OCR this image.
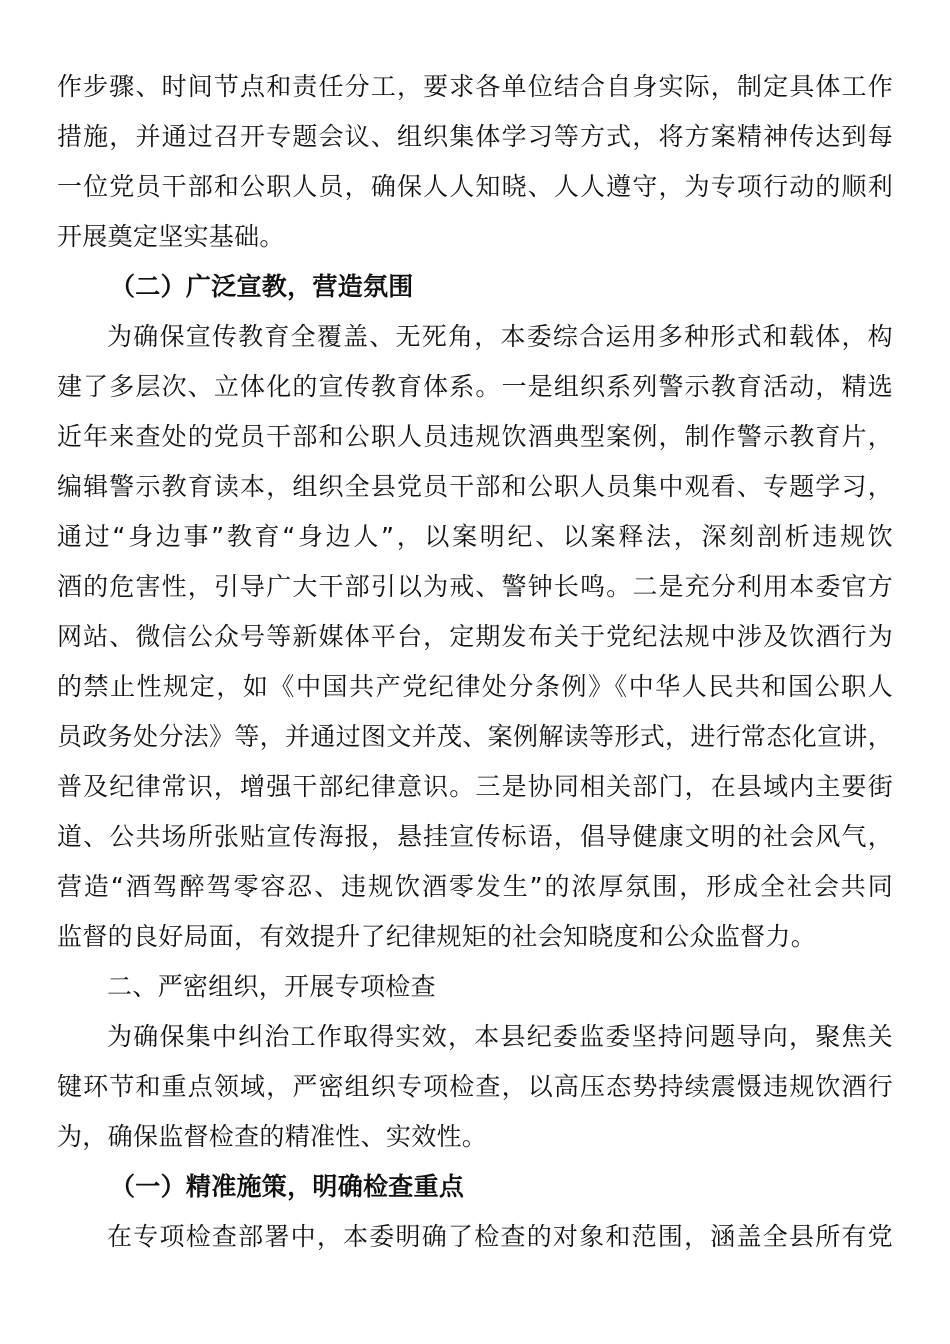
作步骤、时间节点和责任分工，要求各单位结合自身实际，制定具体工作
措施，并通过召开专题会议、组织集体学习等方式，将方案精神传达到每
一位党员干部和公职人员，确保人人知晓、人人遵守，为专项行动的顺利
开展奠定坚实基础。
（二）广泛宣教，营造氛围
为确保宣传教育全覆盖、无死角，本委综合运用多种形式和载体，构
建了多层次、立体化的宣传教育体系。一是组织系列警示教育活动，精选
近年来查处的党员干部和公职人员违规饮酒典型案例，制作警示教育片，
编辑警示教育读本，组织全县党员干部和公职人员集中观看、专题学习，
通过“身边事”教育“身边人”，以案明纪、以案释法，深刻剖析违规饮
酒的危害性，引导广大干部引以为戒、警钟长鸣。二是充分利用本委官方
网站、微信公众号等新媒体平台，定期发布关于党纪法规中涉及饮酒行为
的禁止性规定，如《中国共产党纪律处分条例》《中华人民共和国公职人
员政务处分法》等，并通过图文并茂、案例解读等形式，进行常态化宣讲，
普及纪律常识，增强干部纪律意识。三是协同相关部门，在县域内主要街
道、公共场所张贴宣传海报，悬挂宣传标语，倡导健康文明的社会风气，
营造“酒驾醉驾零容忍、违规饮酒零发生”的浓厚氛围，形成全社会共同
监督的良好局面，有效提升了纪律规矩的社会知晓度和公众监督力。
二、严密组织，开展专项检查
为确保集中纠治工作取得实效，本县纪委监委坚持问题导向，聚焦关
键环节和重点领域，严密组织专项检查，以高压态势持续震慑违规饮酒行
为，确保监督检查的精准性、实效性。
（一）精准施策，明确检查重点
在专项检查部署中，本委明确了检查的对象和范围，涵盖全县所有党
